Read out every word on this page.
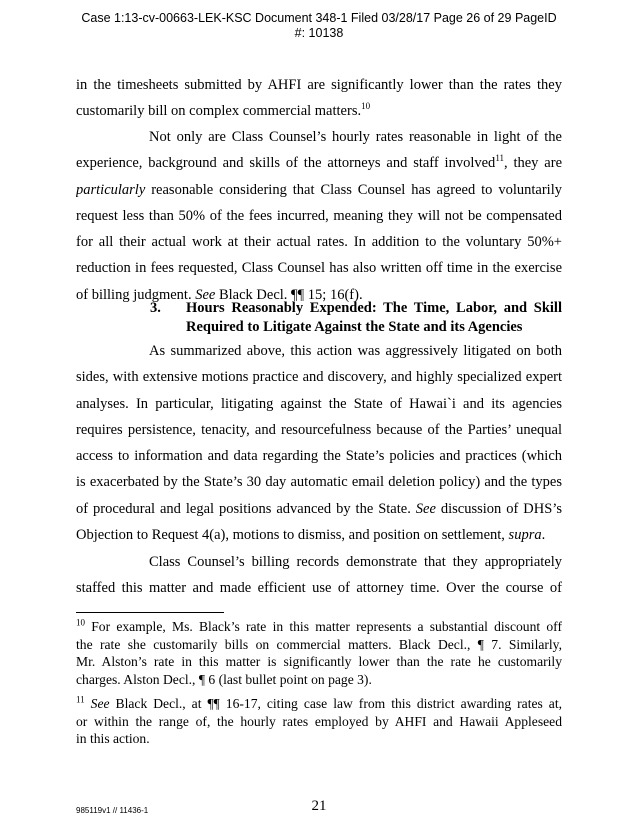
Case 1:13-cv-00663-LEK-KSC Document 348-1 Filed 03/28/17 Page 26 of 29 PageID
#: 10138
in the timesheets submitted by AHFI are significantly lower than the rates they
customarily bill on complex commercial matters.$^{10}$
Not only are Class Counsel’s hourly rates reasonable in light of the
experience, background and skills of the attorneys and staff involved$^{11}$, they are
particularly reasonable considering that Class Counsel has agreed to voluntarily
request less than 50% of the fees incurred, meaning they will not be compensated
for all their actual work at their actual rates. In addition to the voluntary 50%+
reduction in fees requested, Class Counsel has also written off time in the exercise
of billing judgment. See Black Decl. ¶¶ 15; 16(f).
3. Hours Reasonably Expended: The Time, Labor, and Skill
Required to Litigate Against the State and its Agencies
As summarized above, this action was aggressively litigated on both
sides, with extensive motions practice and discovery, and highly specialized expert
analyses. In particular, litigating against the State of Hawai`i and its agencies
requires persistence, tenacity, and resourcefulness because of the Parties’ unequal
access to information and data regarding the State’s policies and practices (which
is exacerbated by the State’s 30 day automatic email deletion policy) and the types
of procedural and legal positions advanced by the State. See discussion of DHS’s
Objection to Request 4(a), motions to dismiss, and position on settlement, supra.
Class Counsel’s billing records demonstrate that they appropriately
staffed this matter and made efficient use of attorney time. Over the course of
$^{10}$ For example, Ms. Black’s rate in this matter represents a substantial discount off
the rate she customarily bills on commercial matters. Black Decl., ¶ 7. Similarly,
Mr. Alston’s rate in this matter is significantly lower than the rate he customarily
charges. Alston Decl., ¶ 6 (last bullet point on page 3).
$^{11}$ See Black Decl., at ¶¶ 16-17, citing case law from this district awarding rates at,
or within the range of, the hourly rates employed by AHFI and Hawaii Appleseed
in this action.
985119v1 // 11436-1	21
